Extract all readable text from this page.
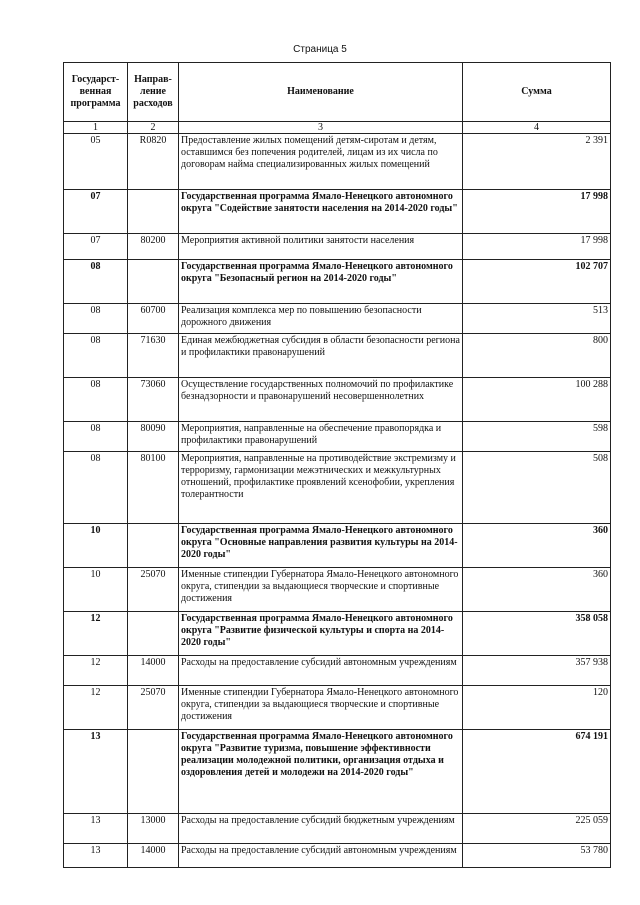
Страница 5
Государст-венная программа	Направ-ление расходов	Наименование	Сумма
1	2	3	4
05	R0820	Предоставление жилых помещений детям-сиротам и детям, оставшимся без попечения родителей, лицам из их числа по договорам найма специализированных жилых помещений	2 391
07		Государственная программа Ямало-Ненецкого автономного округа "Содействие занятости населения на 2014-2020 годы"	17 998
07	80200	Мероприятия активной политики занятости населения	17 998
08		Государственная программа Ямало-Ненецкого автономного округа "Безопасный регион на 2014-2020 годы"	102 707
08	60700	Реализация комплекса мер по повышению безопасности дорожного движения	513
08	71630	Единая межбюджетная субсидия в области безопасности региона и профилактики правонарушений	800
08	73060	Осуществление государственных полномочий по профилактике безнадзорности и правонарушений несовершеннолетних	100 288
08	80090	Мероприятия, направленные на обеспечение правопорядка и профилактики правонарушений	598
08	80100	Мероприятия, направленные на противодействие экстремизму и терроризму, гармонизации межэтнических и межкультурных отношений, профилактике проявлений ксенофобии, укрепления толерантности	508
10		Государственная программа Ямало-Ненецкого автономного округа "Основные направления развития культуры на 2014-2020 годы"	360
10	25070	Именные стипендии Губернатора Ямало-Ненецкого автономного округа, стипендии за выдающиеся творческие и спортивные достижения	360
12		Государственная программа Ямало-Ненецкого автономного округа "Развитие физической культуры и спорта на 2014-2020 годы"	358 058
12	14000	Расходы на предоставление субсидий автономным учреждениям	357 938
12	25070	Именные стипендии Губернатора Ямало-Ненецкого автономного округа, стипендии за выдающиеся творческие и спортивные достижения	120
13		Государственная программа Ямало-Ненецкого автономного округа "Развитие туризма, повышение эффективности реализации молодежной политики, организация отдыха и оздоровления детей и молодежи на 2014-2020 годы"	674 191
13	13000	Расходы на предоставление субсидий бюджетным учреждениям	225 059
13	14000	Расходы на предоставление субсидий автономным учреждениям	53 780
